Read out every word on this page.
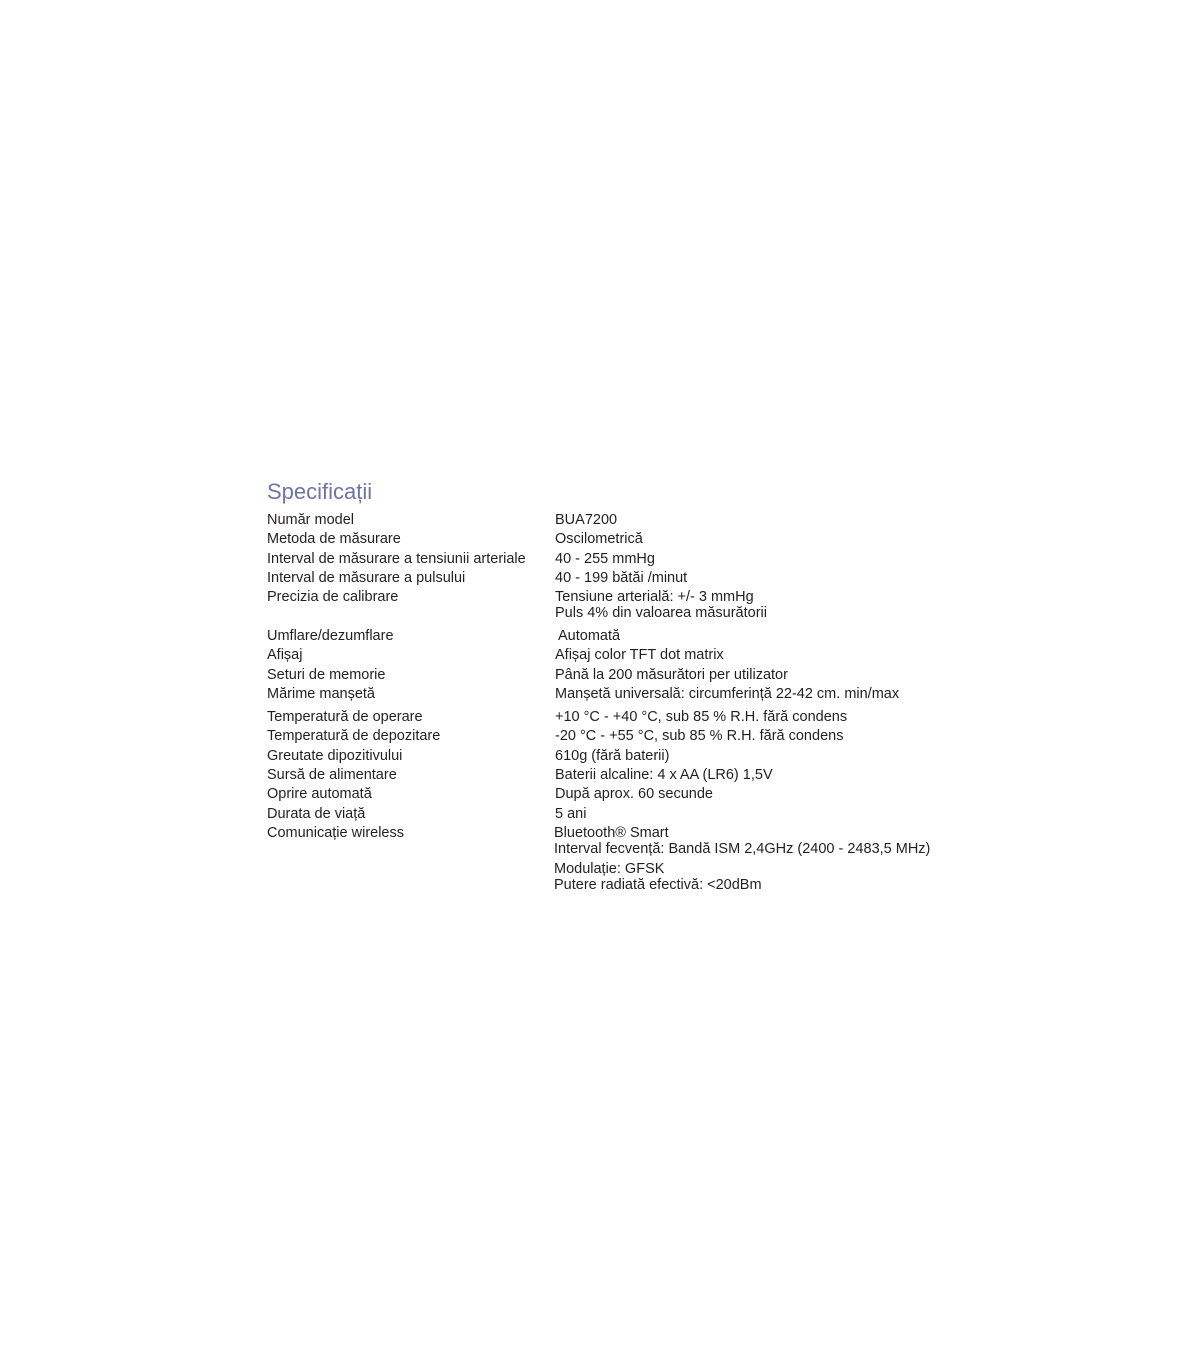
Specificații
Număr model	BUA7200
Metoda de măsurare	Oscilometrică
Interval de măsurare a tensiunii arteriale	40 - 255 mmHg
Interval de măsurare a pulsului	40 - 199 bătăi /minut
Precizia de calibrare	Tensiune arterială: +/- 3 mmHg
Puls 4% din valoarea măsurătorii
Umflare/dezumflare	Automată
Afișaj	Afișaj color TFT dot matrix
Seturi de memorie	Până la 200 măsurători per utilizator
Mărime manșetă	Manșetă universală: circumferință 22-42 cm. min/max
Temperatură de operare	+10 °C - +40 °C, sub 85 % R.H. fără condens
Temperatură de depozitare	-20 °C - +55 °C, sub 85 % R.H. fără condens
Greutate dipozitivului	610g (fără baterii)
Sursă de alimentare	Baterii alcaline: 4 x AA (LR6) 1,5V
Oprire automată	După aprox. 60 secunde
Durata de viață	5 ani
Comunicație wireless	Bluetooth® Smart
Interval fecvență: Bandă ISM 2,4GHz (2400 - 2483,5 MHz)
Modulație: GFSK
Putere radiată efectivă: <20dBm
